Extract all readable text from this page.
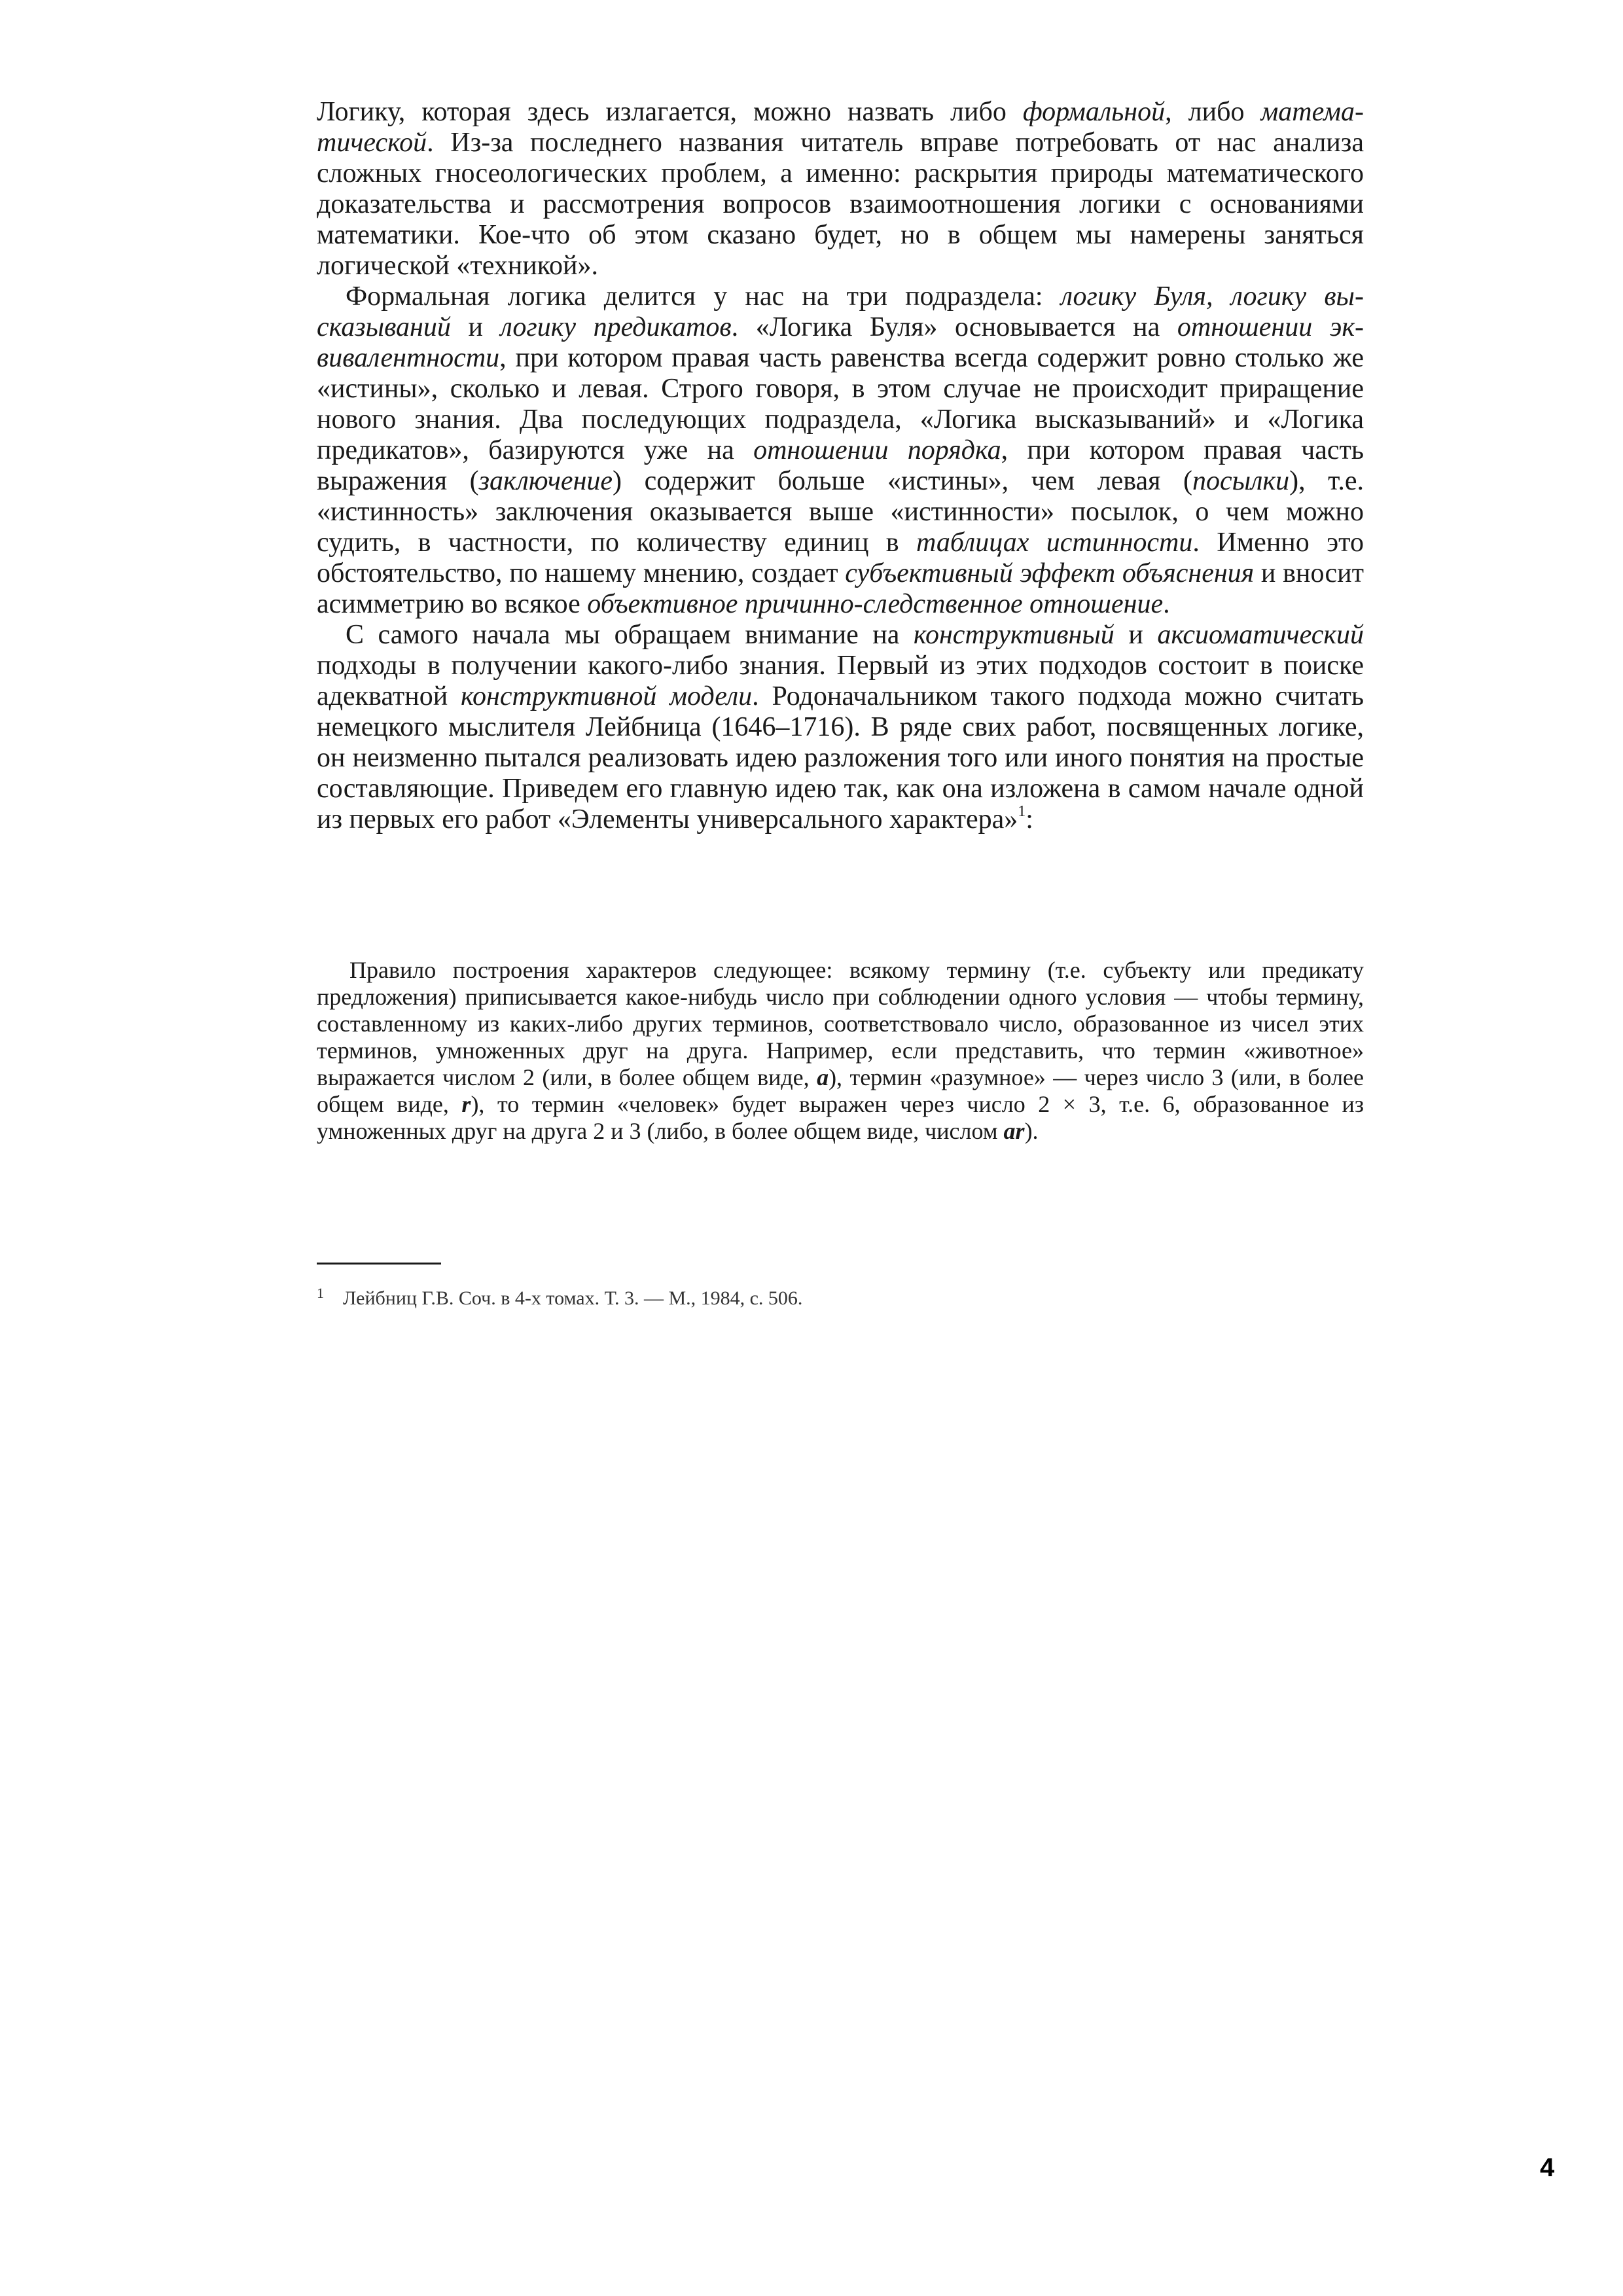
Логику, которая здесь излагается, можно назвать либо формальной, либо математической. Из-за последнего названия читатель вправе потребовать от нас анализа сложных гносеологических проблем, а именно: раскрытия природы математического доказательства и рассмотрения вопросов взаимоотношения логики с основаниями математики. Кое-что об этом сказано будет, но в общем мы намерены заняться логической «техникой».

Формальная логика делится у нас на три подраздела: логику Буля, логику высказываний и логику предикатов. «Логика Буля» основывается на отношении эквивалентности, при котором правая часть равенства всегда содержит ровно столько же «истины», сколько и левая. Строго говоря, в этом случае не происходит приращение нового знания. Два последующих подраздела, «Логика высказываний» и «Логика предикатов», базируются уже на отношении порядка, при котором правая часть выражения (заключение) содержит больше «истины», чем левая (посылки), т.е. «истинность» заключения оказывается выше «истинности» посылок, о чем можно судить, в частности, по количеству единиц в таблицах истинности. Именно это обстоятельство, по нашему мнению, создает субъективный эффект объяснения и вносит асимметрию во всякое объективное причинно-следственное отношение.

С самого начала мы обращаем внимание на конструктивный и аксиоматический подходы в получении какого-либо знания. Первый из этих подходов состоит в поиске адекватной конструктивной модели. Родоначальником такого подхода можно считать немецкого мыслителя Лейбница (1646–1716). В ряде свих работ, посвященных логике, он неизменно пытался реализовать идею разложения того или иного понятия на простые составляющие. Приведем его главную идею так, как она изложена в самом начале одной из первых его работ «Элементы универсального характера»$^1$:

Правило построения характеров следующее: всякому термину (т.е. субъекту или предикату предложения) приписывается какое-нибудь число при соблюдении одного условия — чтобы термину, составленному из каких-либо других терминов, соответствовало число, образованное из чисел этих терминов, умноженных друг на друга. Например, если представить, что термин «животное» выражается числом 2 (или, в более общем виде, a), термин «разумное» — через число 3 (или, в более общем виде, r), то термин «человек» будет выражен через число 2 × 3, т.е. 6, образованное из умноженных друг на друга 2 и 3 (либо, в более общем виде, числом ar).

1 Лейбниц Г.В. Соч. в 4-х томах. Т. 3. — М., 1984, с. 506.
4
